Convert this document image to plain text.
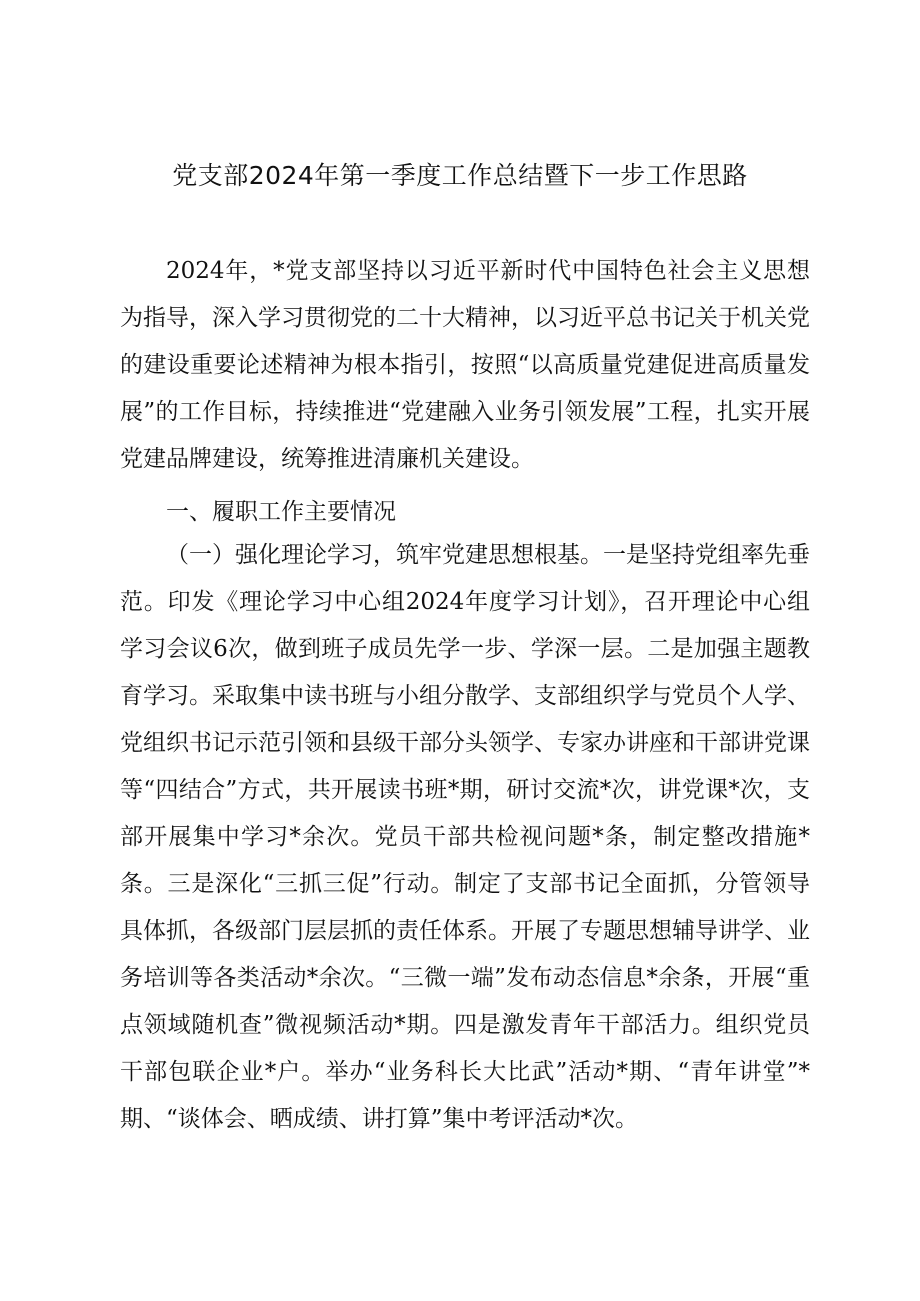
党支部2024年第一季度工作总结暨下一步工作思路

2024年，*党支部坚持以习近平新时代中国特色社会主义思想为指导，深入学习贯彻党的二十大精神，以习近平总书记关于机关党的建设重要论述精神为根本指引，按照“以高质量党建促进高质量发展”的工作目标，持续推进“党建融入业务引领发展”工程，扎实开展党建品牌建设，统筹推进清廉机关建设。

一、履职工作主要情况

（一）强化理论学习，筑牢党建思想根基。一是坚持党组率先垂范。印发《理论学习中心组2024年度学习计划》，召开理论中心组学习会议6次，做到班子成员先学一步、学深一层。二是加强主题教育学习。采取集中读书班与小组分散学、支部组织学与党员个人学、党组织书记示范引领和县级干部分头领学、专家办讲座和干部讲党课等“四结合”方式，共开展读书班*期，研讨交流*次，讲党课*次，支部开展集中学习*余次。党员干部共检视问题*条，制定整改措施*条。三是深化“三抓三促”行动。制定了支部书记全面抓，分管领导具体抓，各级部门层层抓的责任体系。开展了专题思想辅导讲学、业务培训等各类活动*余次。“三微一端”发布动态信息*余条，开展“重点领域随机查”微视频活动*期。四是激发青年干部活力。组织党员干部包联企业*户。举办“业务科长大比武”活动*期、“青年讲堂”*期、“谈体会、晒成绩、讲打算”集中考评活动*次。
